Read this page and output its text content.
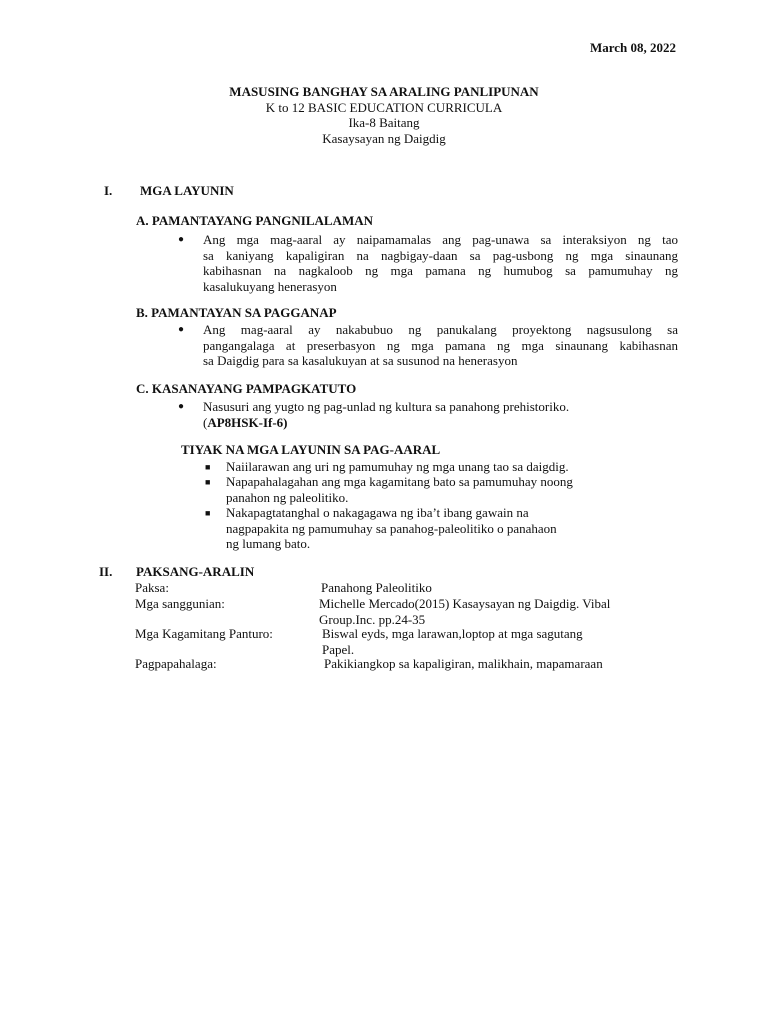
March 08, 2022
MASUSING BANGHAY SA ARALING PANLIPUNAN
K to 12 BASIC EDUCATION CURRICULA
Ika-8 Baitang
Kasaysayan ng Daigdig
I. MGA LAYUNIN
A. PAMANTAYANG PANGNILALAMAN
● Ang mga mag-aaral ay naipamamalas ang pag-unawa sa interaksiyon ng tao
sa kaniyang kapaligiran na nagbigay-daan sa pag-usbong ng mga sinaunang
kabihasnan na nagkaloob ng mga pamana ng humubog sa pamumuhay ng
kasalukuyang henerasyon
B. PAMANTAYAN SA PAGGANAP
● Ang mag-aaral ay nakabubuo ng panukalang proyektong nagsusulong sa
pangangalaga at preserbasyon ng mga pamana ng mga sinaunang kabihasnan
sa Daigdig para sa kasalukuyan at sa susunod na henerasyon
C. KASANAYANG PAMPAGKATUTO
● Nasusuri ang yugto ng pag-unlad ng kultura sa panahong prehistoriko.
(AP8HSK-If-6)
TIYAK NA MGA LAYUNIN SA PAG-AARAL
■ Naiilarawan ang uri ng pamumuhay ng mga unang tao sa daigdig.
■ Napapahalagahan ang mga kagamitang bato sa pamumuhay noong
panahon ng paleolitiko.
■ Nakapagtatanghal o nakagagawa ng iba’t ibang gawain na
nagpapakita ng pamumuhay sa panahog-paleolitiko o panahaon
ng lumang bato.
II. PAKSANG-ARALIN
Paksa:	Panahong Paleolitiko
Mga sanggunian:	Michelle Mercado(2015) Kasaysayan ng Daigdig. Vibal
Group.Inc. pp.24-35
Mga Kagamitang Panturo:	Biswal eyds, mga larawan,loptop at mga sagutang
Papel.
Pagpapahalaga:	Pakikiangkop sa kapaligiran, malikhain, mapamaraan
